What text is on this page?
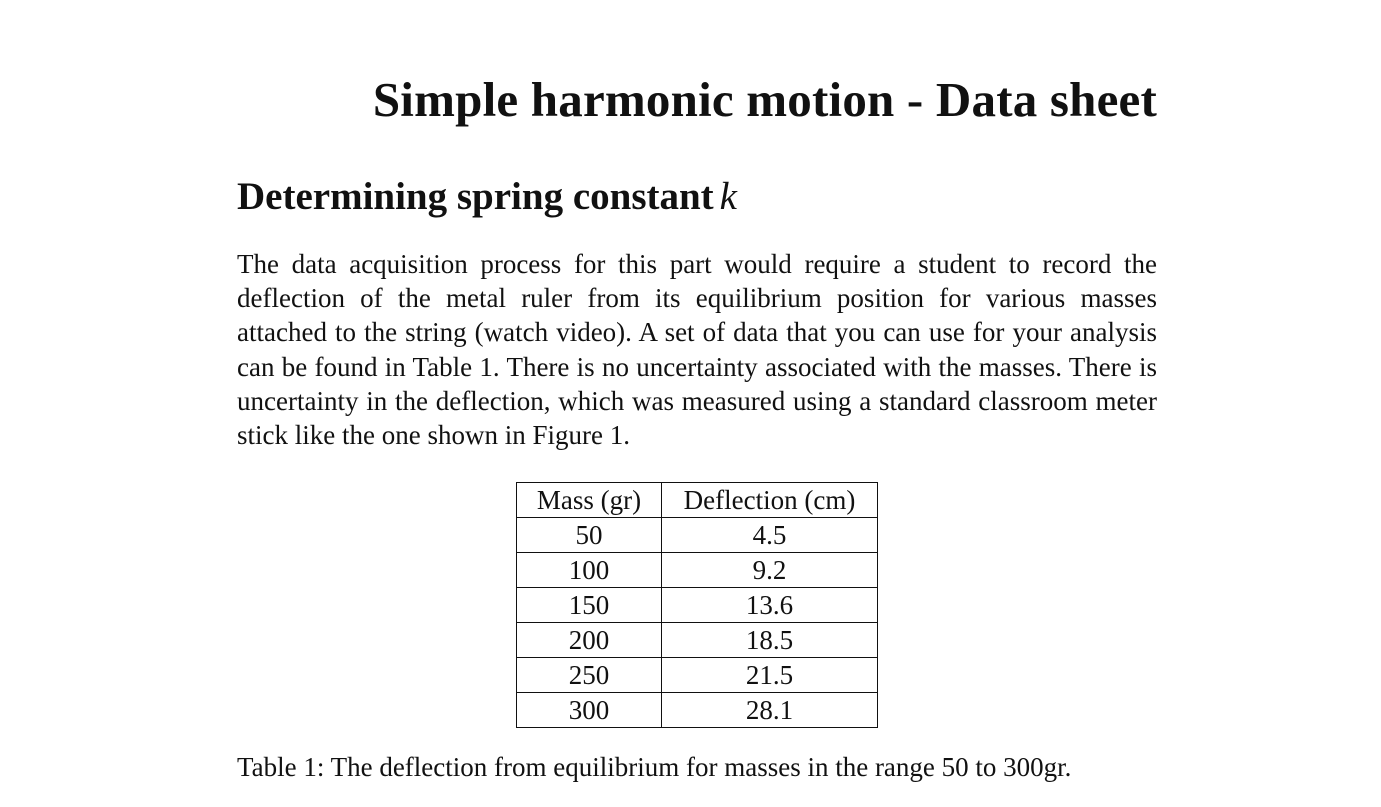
Simple harmonic motion - Data sheet
Determining spring constant k

The data acquisition process for this part would require a student to record the deflection of the metal ruler from its equilibrium position for various masses attached to the string (watch video). A set of data that you can use for your analysis can be found in Table 1. There is no uncertainty associated with the masses. There is uncertainty in the deflection, which was measured using a standard classroom meter stick like the one shown in Figure 1.

Mass (gr)	Deflection (cm)
50	4.5
100	9.2
150	13.6
200	18.5
250	21.5
300	28.1

Table 1: The deflection from equilibrium for masses in the range 50 to 300gr.
